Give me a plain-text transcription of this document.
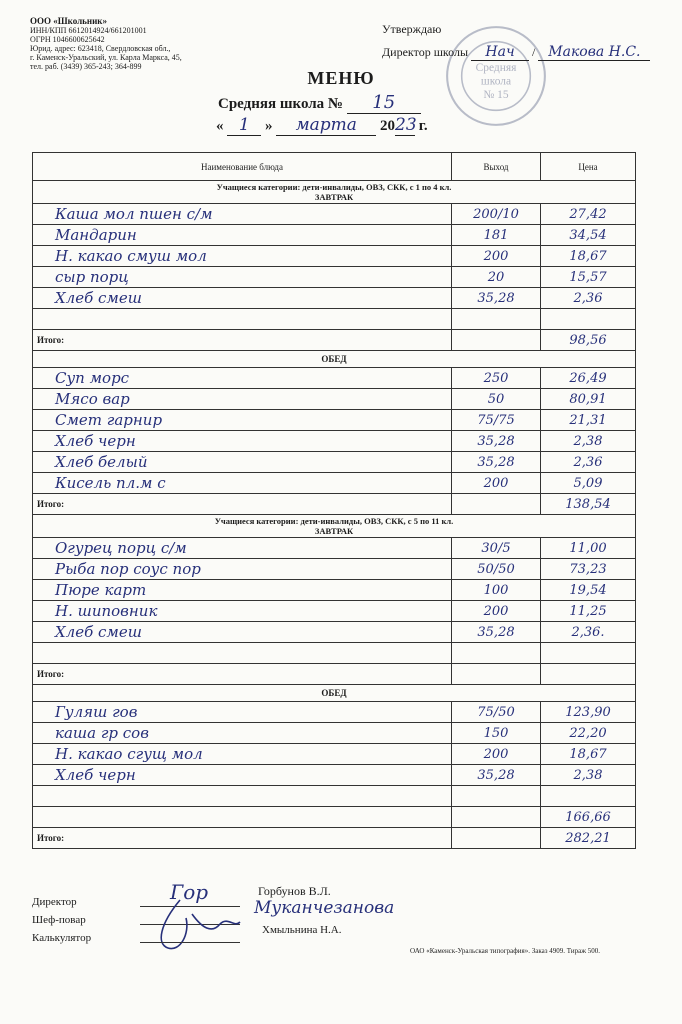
ООО «Школьник»
ИНН/КПП 6612014924/661201001
ОГРН 1046600625642
Юрид. адрес: 623418, Свердловская обл.,
г. Каменск-Уральский, ул. Карла Маркса, 45,
тел. раб. (3439) 365-243; 364-899	Средняя
школа
№ 15
Утверждаю
Директор школы Нач / Макова Н.С.
МЕНЮ
Средняя школа № 15
« 1 » марта 2023 г.
Наименование блюда	Выход	Цена

Учащиеся категории: дети-инвалиды, ОВЗ, СКК, с 1 по 4 кл.
ЗАВТРАК		

Каша мол пшен с/м	200/10	27,42
Мандарин	181	34,54
Н. какао смуш мол	200	18,67
сыр порц	20	15,57
Хлеб смеш	35,28	2,36

Итого:		98,56
ОБЕД		
Суп морс	250	26,49
Мясо вар	50	80,91
Смет гарнир	75/75	21,31
Хлеб черн	35,28	2,38
Хлеб белый	35,28	2,36
Кисель пл.м с	200	5,09
Итого:		138,54

Учащиеся категории: дети-инвалиды, ОВЗ, СКК, с 5 по 11 кл.
ЗАВТРАК		

Огурец порц с/м	30/5	11,00
Рыба пор соус пор	50/50	73,23
Пюре карт	100	19,54
Н. шиповник	200	11,25
Хлеб смеш	35,28	2,36.

Итого:		
ОБЕД		
Гуляш гов	75/50	123,90
каша гр сов	150	22,20
Н. какао сгущ мол	200	18,67
Хлеб черн	35,28	2,38

		166,66
Итого:		282,21
Директор	Гор	Горбунов В.Л.
Шеф-повар
Муканчезанова
Калькулятор
Хмыльнина Н.А.
ОАО «Каменск-Уральская типография». Заказ 4909. Тираж 500.
